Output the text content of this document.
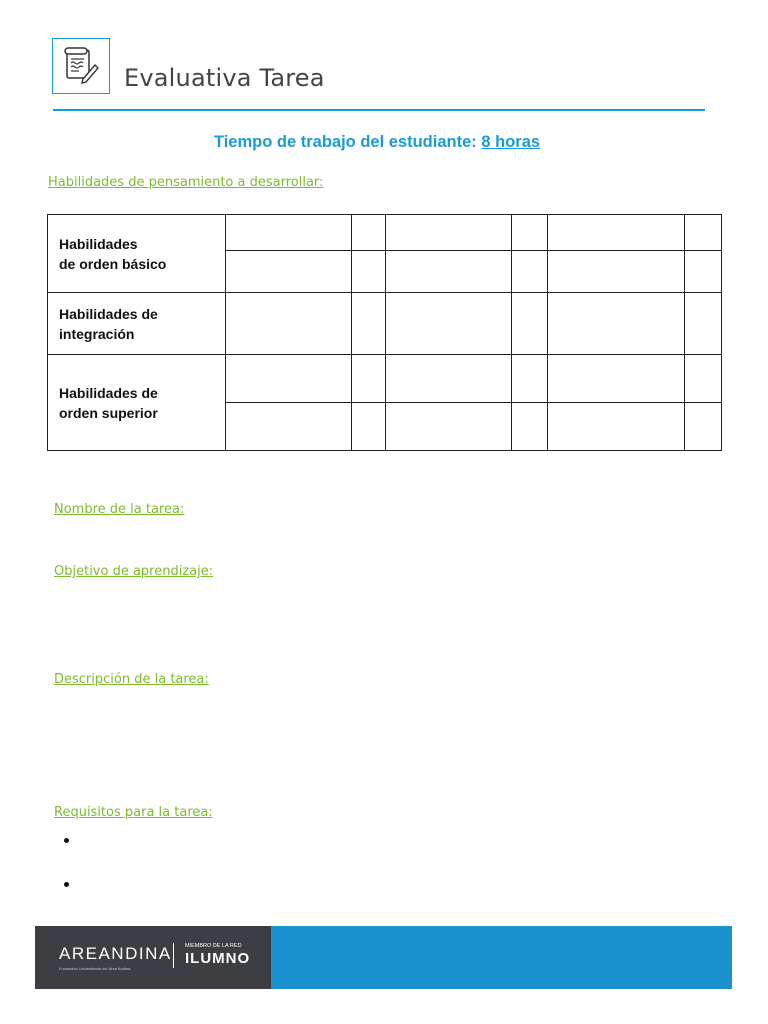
Evaluativa Tarea
Tiempo de trabajo del estudiante: 8 horas
Habilidades de pensamiento a desarrollar:
Habilidades
de orden básico						

Habilidades de
integración						
Habilidades de
orden superior						

Nombre de la tarea:
Objetivo de aprendizaje:
Descripción de la tarea:
Requisitos para la tarea:
AREANDINA
Fundación Universitaria del Área Andina
MIEMBRO DE LA RED
ILUMNO
